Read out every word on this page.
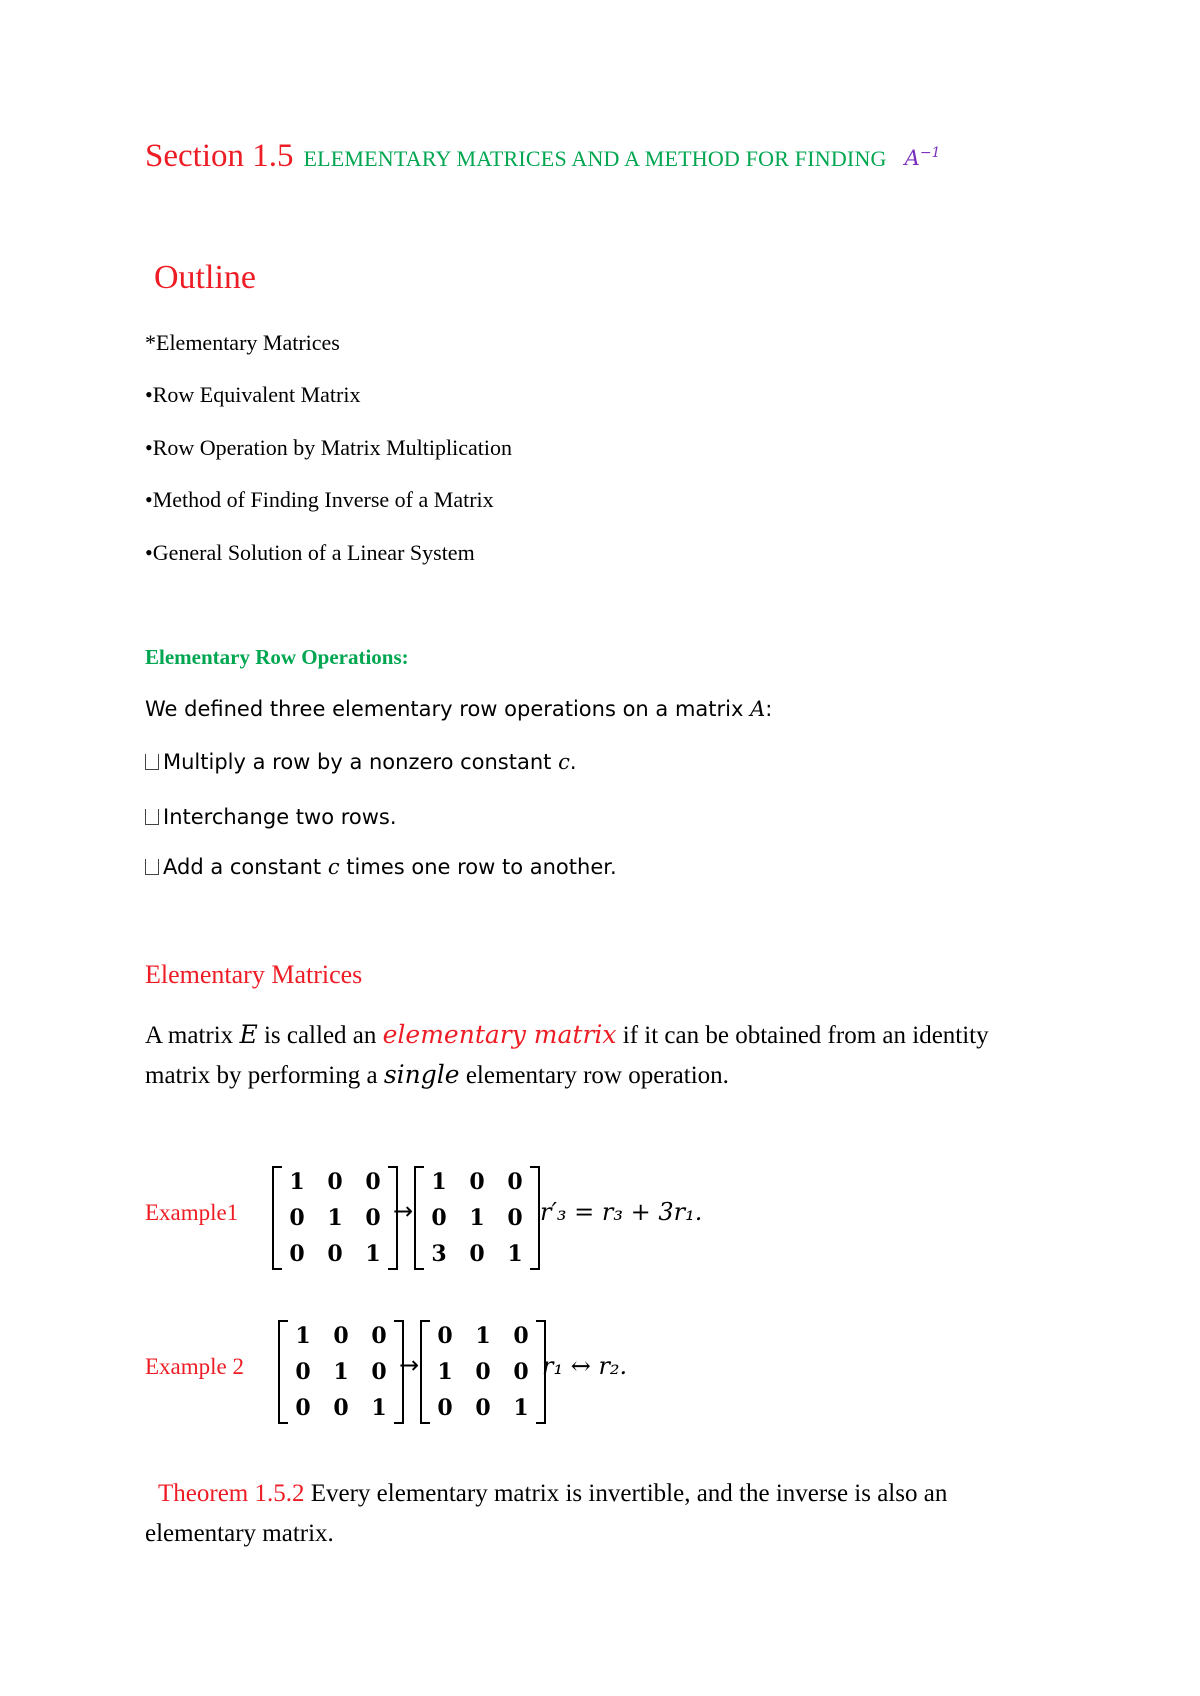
Section 1.5 ELEMENTARY MATRICES AND A METHOD FOR FINDING $A^{-1}$
Outline
*Elementary Matrices
•Row Equivalent Matrix
•Row Operation by Matrix Multiplication
•Method of Finding Inverse of a Matrix
•General Solution of a Linear System
Elementary Row Operations:
We defined three elementary row operations on a matrix A:
Multiply a row by a nonzero constant c.
Interchange two rows.
Add a constant c times one row to another.
Elementary Matrices
A matrix E is called an elementary matrix if it can be obtained from an identity
matrix by performing a single elementary row operation.
Example1
1 0 0
0 1 0
0 0 1
→
1 0 0
0 1 0
3 0 1
r′₃ = r₃ + 3r₁.
Example 2
1 0 0
0 1 0
0 0 1
→
0 1 0
1 0 0
0 0 1
r₁ ↔ r₂.
Theorem 1.5.2 Every elementary matrix is invertible, and the inverse is also an
elementary matrix.
